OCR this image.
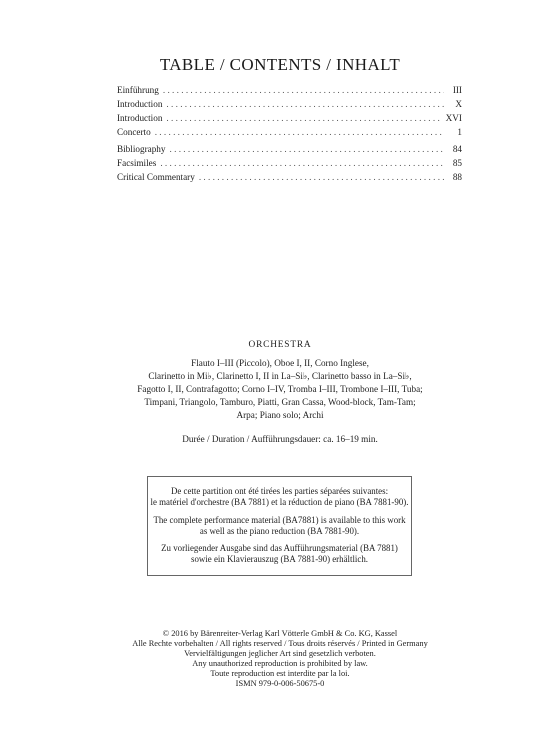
TABLE / CONTENTS / INHALT
Einführung . . .	III
Introduction . . .	X
Introduction . . .	XVI
Concerto . . .	1
Bibliography . . .	84
Facsimiles . . .	85
Critical Commentary . . .	88
ORCHESTRA
Flauto I–III (Piccolo), Oboe I, II, Corno Inglese,
Clarinetto in Mi♭, Clarinetto I, II in La–Si♭, Clarinetto basso in La–Si♭,
Fagotto I, II, Contrafagotto; Corno I–IV, Tromba I–III, Trombone I–III, Tuba;
Timpani, Triangolo, Tamburo, Piatti, Gran Cassa, Wood-block, Tam-Tam;
Arpa; Piano solo; Archi
Durée / Duration / Aufführungsdauer: ca. 16–19 min.
De cette partition ont été tirées les parties séparées suivantes:
le matériel d'orchestre (BA 7881) et la réduction de piano (BA 7881-90).
The complete performance material (BA7881) is available to this work
as well as the piano reduction (BA 7881-90).
Zu vorliegender Ausgabe sind das Aufführungsmaterial (BA 7881)
sowie ein Klavierauszug (BA 7881-90) erhältlich.
© 2016 by Bärenreiter-Verlag Karl Vötterle GmbH & Co. KG, Kassel
Alle Rechte vorbehalten / All rights reserved / Tous droits réservés / Printed in Germany
Vervielfältigungen jeglicher Art sind gesetzlich verboten.
Any unauthorized reproduction is prohibited by law.
Toute reproduction est interdite par la loi.
ISMN 979-0-006-50675-0
